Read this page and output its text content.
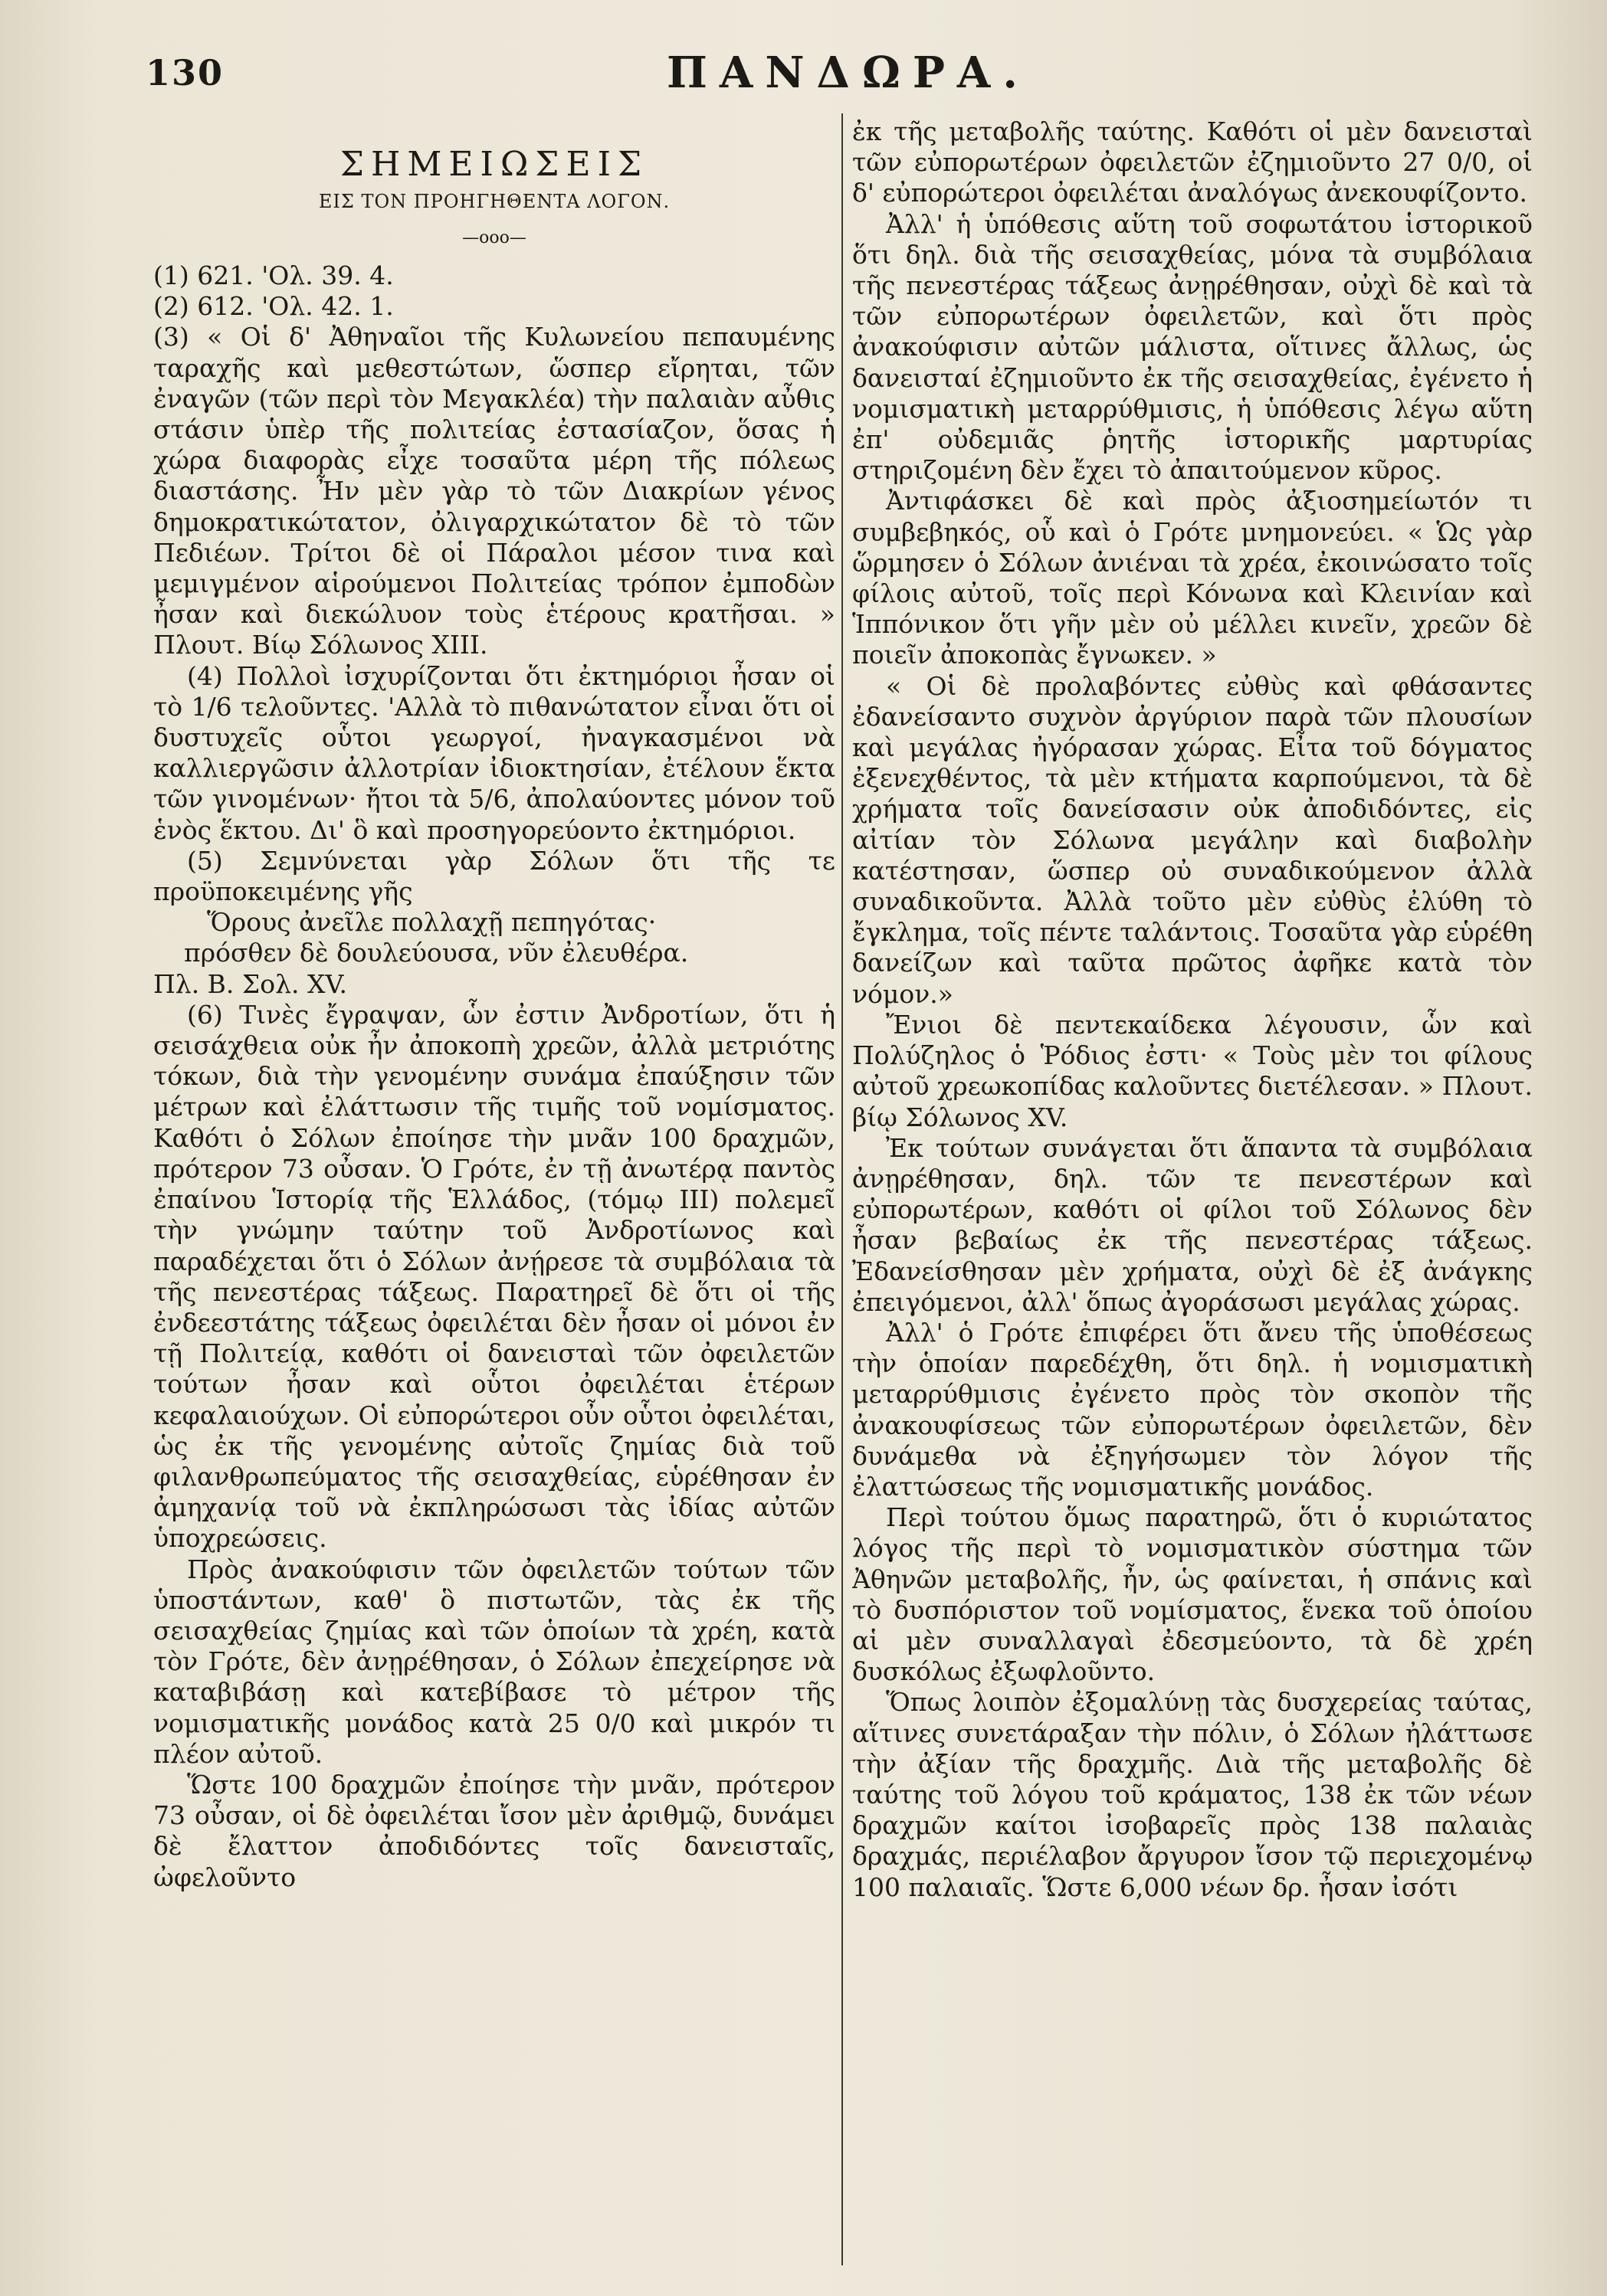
130	ΠΑΝΔΩΡΑ.
ΣΗΜΕΙΩΣΕΙΣ
ΕΙΣ ΤΟΝ ΠΡΟΗΓΗΘΕΝΤΑ ΛΟΓΟΝ.
—ooo—

(1) 621. 'Ολ. 39. 4.

(2) 612. 'Ολ. 42. 1.

(3) « Οἱ δ' Ἀθηναῖοι τῆς Κυλωνείου πεπαυμένης ταραχῆς καὶ μεθεστώτων, ὥσπερ εἴρηται, τῶν ἐναγῶν (τῶν περὶ τὸν Μεγακλέα) τὴν παλαιὰν αὖθις στάσιν ὑπὲρ τῆς πολιτείας ἐστασίαζον, ὅσας ἡ χώρα διαφορὰς εἶχε τοσαῦτα μέρη τῆς πόλεως διαστάσης. Ἦν μὲν γὰρ τὸ τῶν Διακρίων γένος δημοκρατικώτατον, ὀλιγαρχικώτατον δὲ τὸ τῶν Πεδιέων. Τρίτοι δὲ οἱ Πάραλοι μέσον τινα καὶ μεμιγμένον αἱρούμενοι Πολιτείας τρόπον ἐμποδὼν ἦσαν καὶ διεκώλυον τοὺς ἑτέρους κρατῆσαι. » Πλουτ. Βίῳ Σόλωνος XIII.

(4) Πολλοὶ ἰσχυρίζονται ὅτι ἐκτημόριοι ἦσαν οἱ τὸ 1/6 τελοῦντες. 'Αλλὰ τὸ πιθανώτατον εἶναι ὅτι οἱ δυστυχεῖς οὗτοι γεωργοί, ἠναγκασμένοι νὰ καλλιεργῶσιν ἀλλοτρίαν ἰδιοκτησίαν, ἐτέλουν ἕκτα τῶν γινομένων· ἤτοι τὰ 5/6, ἀπολαύοντες μόνον τοῦ ἑνὸς ἕκτου. Δι' ὃ καὶ προσηγορεύοντο ἐκτημόριοι.

(5) Σεμνύνεται γὰρ Σόλων ὅτι τῆς τε προϋποκειμένης γῆς

Ὅρους ἀνεῖλε πολλαχῇ πεπηγότας·

πρόσθεν δὲ δουλεύουσα, νῦν ἐλευθέρα.

Πλ. Β. Σολ. XV.

(6) Τινὲς ἔγραψαν, ὧν ἐστιν Ἀνδροτίων, ὅτι ἡ σεισάχθεια οὐκ ἦν ἀποκοπὴ χρεῶν, ἀλλὰ μετριότης τόκων, διὰ τὴν γενομένην συνάμα ἐπαύξησιν τῶν μέτρων καὶ ἐλάττωσιν τῆς τιμῆς τοῦ νομίσματος. Καθότι ὁ Σόλων ἐποίησε τὴν μνᾶν 100 δραχμῶν, πρότερον 73 οὖσαν. Ὁ Γρότε, ἐν τῇ ἀνωτέρᾳ παντὸς ἐπαίνου Ἱστορίᾳ τῆς Ἑλλάδος, (τόμῳ III) πολεμεῖ τὴν γνώμην ταύτην τοῦ Ἀνδροτίωνος καὶ παραδέχεται ὅτι ὁ Σόλων ἀνῄρεσε τὰ συμβόλαια τὰ τῆς πενεστέρας τάξεως. Παρατηρεῖ δὲ ὅτι οἱ τῆς ἐνδεεστάτης τάξεως ὀφειλέται δὲν ἦσαν οἱ μόνοι ἐν τῇ Πολιτείᾳ, καθότι οἱ δανεισταὶ τῶν ὀφειλετῶν τούτων ἦσαν καὶ οὗτοι ὀφειλέται ἑτέρων κεφαλαιούχων. Οἱ εὐπορώτεροι οὖν οὗτοι ὀφειλέται, ὡς ἐκ τῆς γενομένης αὐτοῖς ζημίας διὰ τοῦ φιλανθρωπεύματος τῆς σεισαχθείας, εὑρέθησαν ἐν ἀμηχανίᾳ τοῦ νὰ ἐκπληρώσωσι τὰς ἰδίας αὐτῶν ὑποχρεώσεις.

Πρὸς ἀνακούφισιν τῶν ὀφειλετῶν τούτων τῶν ὑποστάντων, καθ' ὃ πιστωτῶν, τὰς ἐκ τῆς σεισαχθείας ζημίας καὶ τῶν ὁποίων τὰ χρέη, κατὰ τὸν Γρότε, δὲν ἀνῃρέθησαν, ὁ Σόλων ἐπεχείρησε νὰ καταβιβάσῃ καὶ κατεβίβασε τὸ μέτρον τῆς νομισματικῆς μονάδος κατὰ 25 0/0 καὶ μικρόν τι πλέον αὐτοῦ.

Ὥστε 100 δραχμῶν ἐποίησε τὴν μνᾶν, πρότερον 73 οὖσαν, οἱ δὲ ὀφειλέται ἴσον μὲν ἀριθμῷ, δυνάμει δὲ ἔλαττον ἀποδιδόντες τοῖς δανεισταῖς, ὠφελοῦντο

ἐκ τῆς μεταβολῆς ταύτης. Καθότι οἱ μὲν δανεισταὶ τῶν εὐπορωτέρων ὀφειλετῶν ἐζημιοῦντο 27 0/0, οἱ δ' εὐπορώτεροι ὀφειλέται ἀναλόγως ἀνεκουφίζοντο.

Ἀλλ' ἡ ὑπόθεσις αὕτη τοῦ σοφωτάτου ἱστορικοῦ ὅτι δηλ. διὰ τῆς σεισαχθείας, μόνα τὰ συμβόλαια τῆς πενεστέρας τάξεως ἀνῃρέθησαν, οὐχὶ δὲ καὶ τὰ τῶν εὐπορωτέρων ὀφειλετῶν, καὶ ὅτι πρὸς ἀνακούφισιν αὐτῶν μάλιστα, οἵτινες ἄλλως, ὡς δανεισταί ἐζημιοῦντο ἐκ τῆς σεισαχθείας, ἐγένετο ἡ νομισματικὴ μεταρρύθμισις, ἡ ὑπόθεσις λέγω αὕτη ἐπ' οὐδεμιᾶς ῥητῆς ἱστορικῆς μαρτυρίας στηριζομένη δὲν ἔχει τὸ ἀπαιτούμενον κῦρος.

Ἀντιφάσκει δὲ καὶ πρὸς ἀξιοσημείωτόν τι συμβεβηκός, οὗ καὶ ὁ Γρότε μνημονεύει. « Ὡς γὰρ ὥρμησεν ὁ Σόλων ἀνιέναι τὰ χρέα, ἐκοινώσατο τοῖς φίλοις αὐτοῦ, τοῖς περὶ Κόνωνα καὶ Κλεινίαν καὶ Ἱππόνικον ὅτι γῆν μὲν οὐ μέλλει κινεῖν, χρεῶν δὲ ποιεῖν ἀποκοπὰς ἔγνωκεν. »

« Οἱ δὲ προλαβόντες εὐθὺς καὶ φθάσαντες ἐδανείσαντο συχνὸν ἀργύριον παρὰ τῶν πλουσίων καὶ μεγάλας ἠγόρασαν χώρας. Εἶτα τοῦ δόγματος ἐξενεχθέντος, τὰ μὲν κτήματα καρπούμενοι, τὰ δὲ χρήματα τοῖς δανείσασιν οὐκ ἀποδιδόντες, εἰς αἰτίαν τὸν Σόλωνα μεγάλην καὶ διαβολὴν κατέστησαν, ὥσπερ οὐ συναδικούμενον ἀλλὰ συναδικοῦντα. Ἀλλὰ τοῦτο μὲν εὐθὺς ἐλύθη τὸ ἔγκλημα, τοῖς πέντε ταλάντοις. Τοσαῦτα γὰρ εὑρέθη δανείζων καὶ ταῦτα πρῶτος ἀφῆκε κατὰ τὸν νόμον.»

Ἔνιοι δὲ πεντεκαίδεκα λέγουσιν, ὧν καὶ Πολύζηλος ὁ Ῥόδιος ἐστι· « Τοὺς μὲν τοι φίλους αὐτοῦ χρεωκοπίδας καλοῦντες διετέλεσαν. » Πλουτ. βίῳ Σόλωνος XV.

Ἐκ τούτων συνάγεται ὅτι ἅπαντα τὰ συμβόλαια ἀνῃρέθησαν, δηλ. τῶν τε πενεστέρων καὶ εὐπορωτέρων, καθότι οἱ φίλοι τοῦ Σόλωνος δὲν ἦσαν βεβαίως ἐκ τῆς πενεστέρας τάξεως. Ἐδανείσθησαν μὲν χρήματα, οὐχὶ δὲ ἐξ ἀνάγκης ἐπειγόμενοι, ἀλλ' ὅπως ἀγοράσωσι μεγάλας χώρας.

Ἀλλ' ὁ Γρότε ἐπιφέρει ὅτι ἄνευ τῆς ὑποθέσεως τὴν ὁποίαν παρεδέχθη, ὅτι δηλ. ἡ νομισματικὴ μεταρρύθμισις ἐγένετο πρὸς τὸν σκοπὸν τῆς ἀνακουφίσεως τῶν εὐπορωτέρων ὀφειλετῶν, δὲν δυνάμεθα νὰ ἐξηγήσωμεν τὸν λόγον τῆς ἐλαττώσεως τῆς νομισματικῆς μονάδος.

Περὶ τούτου ὅμως παρατηρῶ, ὅτι ὁ κυριώτατος λόγος τῆς περὶ τὸ νομισματικὸν σύστημα τῶν Ἀθηνῶν μεταβολῆς, ἦν, ὡς φαίνεται, ἡ σπάνις καὶ τὸ δυσπόριστον τοῦ νομίσματος, ἕνεκα τοῦ ὁποίου αἱ μὲν συναλλαγαὶ ἐδεσμεύοντο, τὰ δὲ χρέη δυσκόλως ἐξωφλοῦντο.

Ὅπως λοιπὸν ἐξομαλύνῃ τὰς δυσχερείας ταύτας, αἵτινες συνετάραξαν τὴν πόλιν, ὁ Σόλων ἠλάττωσε τὴν ἀξίαν τῆς δραχμῆς. Διὰ τῆς μεταβολῆς δὲ ταύτης τοῦ λόγου τοῦ κράματος, 138 ἐκ τῶν νέων δραχμῶν καίτοι ἰσοβαρεῖς πρὸς 138 παλαιὰς δραχμάς, περιέλαβον ἄργυρον ἴσον τῷ περιεχομένῳ 100 παλαιαῖς. Ὥστε 6,000 νέων δρ. ἦσαν ἰσότι
